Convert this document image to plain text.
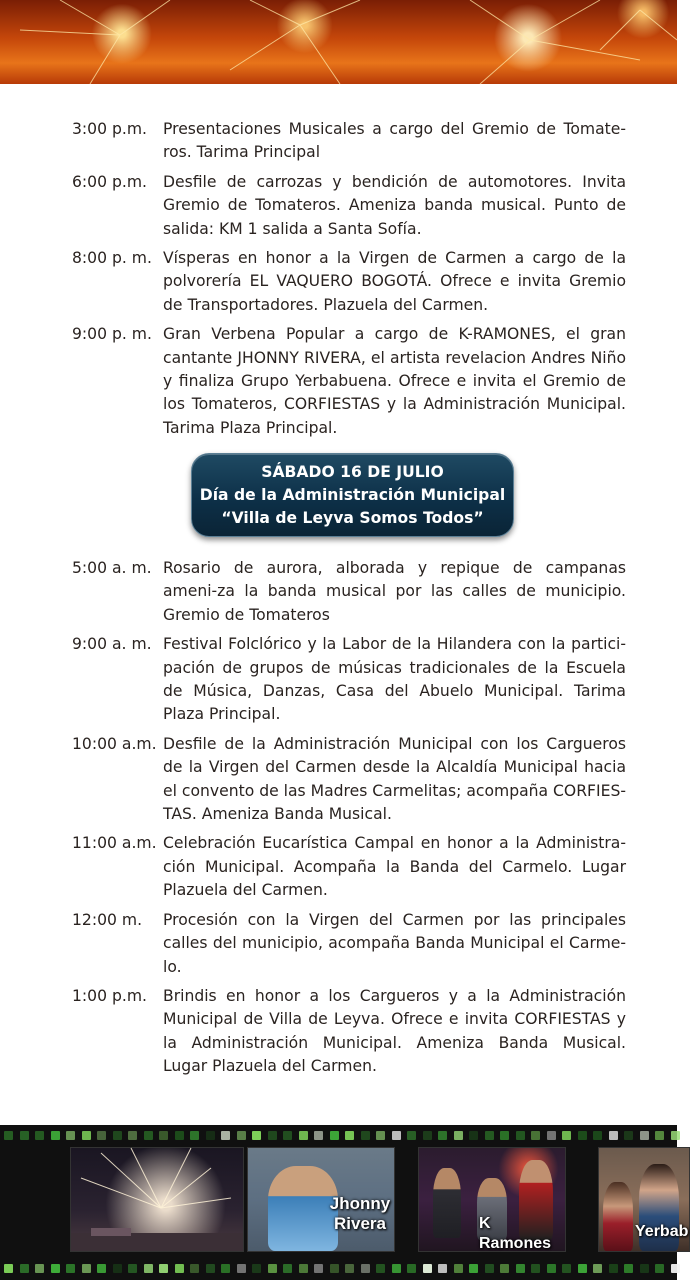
3:00 p.m.	Presentaciones Musicales a cargo del Gremio de Tomate-ros. Tarima Principal
6:00 p.m.	Desfile de carrozas y bendición de automotores. Invita Gremio de Tomateros. Ameniza banda musical. Punto de salida: KM 1 salida a Santa Sofía.
8:00 p. m. Vísperas en honor a la Virgen de Carmen a cargo de la polvorería EL VAQUERO BOGOTÁ. Ofrece e invita Gremio de Transportadores. Plazuela del Carmen.
9:00 p. m. Gran Verbena Popular a cargo de K-RAMONES, el gran cantante JHONNY RIVERA, el artista revelacion Andres Niño y finaliza Grupo Yerbabuena. Ofrece e invita el Gremio de los Tomateros, CORFIESTAS y la Administración Municipal. Tarima Plaza Principal.
SÁBADO 16 DE JULIO
Día de la Administración Municipal
“Villa de Leyva Somos Todos”
5:00 a. m. Rosario de aurora, alborada y repique de campanas ameni-za la banda musical por las calles de municipio. Gremio de Tomateros
9:00 a. m. Festival Folclórico y la Labor de la Hilandera con la partici-pación de grupos de músicas tradicionales de la Escuela de Música, Danzas, Casa del Abuelo Municipal. Tarima Plaza Principal.
10:00 a.m. Desfile de la Administración Municipal con los Cargueros de la Virgen del Carmen desde la Alcaldía Municipal hacia el convento de las Madres Carmelitas; acompaña CORFIES-TAS. Ameniza Banda Musical.
11:00 a.m. Celebración Eucarística Campal en honor a la Administra-ción Municipal. Acompaña la Banda del Carmelo. Lugar Plazuela del Carmen.
12:00 m.	Procesión con la Virgen del Carmen por las principales calles del municipio, acompaña Banda Municipal el Carme-lo.
1:00 p.m.	Brindis en honor a los Cargueros y a la Administración Municipal de Villa de Leyva. Ofrece e invita CORFIESTAS y la Administración Municipal. Ameniza Banda Musical. Lugar Plazuela del Carmen.
Jhonny Rivera	K Ramones
Yerbab
